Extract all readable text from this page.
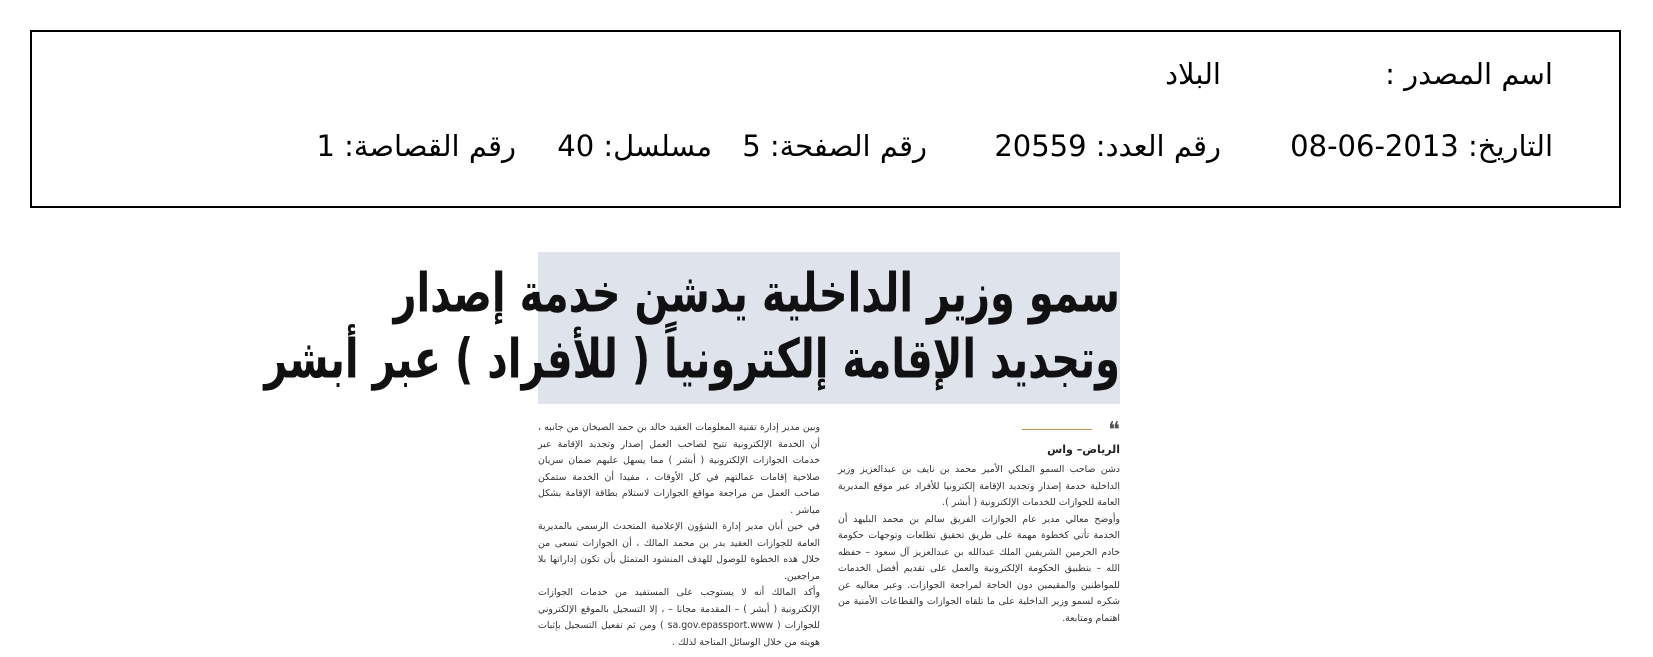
اسم المصدر :
البلاد
التاريخ: 2013-06-08
رقم العدد: 20559
رقم الصفحة: 5
مسلسل: 40
رقم القصاصة: 1
سمو وزير الداخلية يدشن خدمة إصدار
وتجديد الإقامة إلكترونياً ( للأفراد ) عبر أبشر
❝
الرياض– واس

دشن صاحب السمو الملكي الأمير محمد بن نايف بن عبدالعزيز وزير الداخلية خدمة إصدار وتجديد الإقامة إلكترونيا للأفراد عبر موقع المديرية العامة للجوازات للخدمات الإلكترونية ( أبشر ).

وأوضح معالي مدير عام الجوازات الفريق سالم بن محمد البليهد أن الخدمة تأتي كخطوة مهمة على طريق تحقيق تطلعات وتوجهات حكومة خادم الحرمين الشريفين الملك عبدالله بن عبدالعزيز آل سعود – حفظه الله – بتطبيق الحكومة الإلكترونية والعمل على تقديم أفضل الخدمات للمواطنين والمقيمين دون الحاجة لمراجعة الجوازات. وعبر معاليه عن شكره لسمو وزير الداخلية على ما تلقاه الجوازات والقطاعات الأمنية من اهتمام ومتابعة.

وبين مدير إدارة تقنية المعلومات العقيد خالد بن حمد الصيخان من جانبه ، أن الخدمة الإلكترونية تتيح لصاحب العمل إصدار وتجديد الإقامة عبر خدمات الجوازات الإلكترونية ( أبشر ) مما يسهل عليهم ضمان سريان صلاحية إقامات عمالتهم في كل الأوقات ، مفيدا أن الخدمة ستمكن صاحب العمل من مراجعة مواقع الجوازات لاستلام بطاقة الإقامة بشكل مباشر .

في حين أبان مدير إدارة الشؤون الإعلامية المتحدث الرسمي بالمديرية العامة للجوازات العقيد بدر بن محمد المالك ، أن الجوازات تسعى من خلال هذه الخطوة للوصول للهدف المنشود المتمثل بأن تكون إداراتها بلا مراجعين.

وأكد المالك أنه لا يستوجب على المستفيد من خدمات الجوازات الإلكترونية ( أبشر ) – المقدمة مجانا – ، إلا التسجيل بالموقع الإلكتروني للجوازات ( sa.gov.epassport.www ) ومن ثم تفعيل التسجيل بإثبات هويته من خلال الوسائل المتاحة لذلك .
